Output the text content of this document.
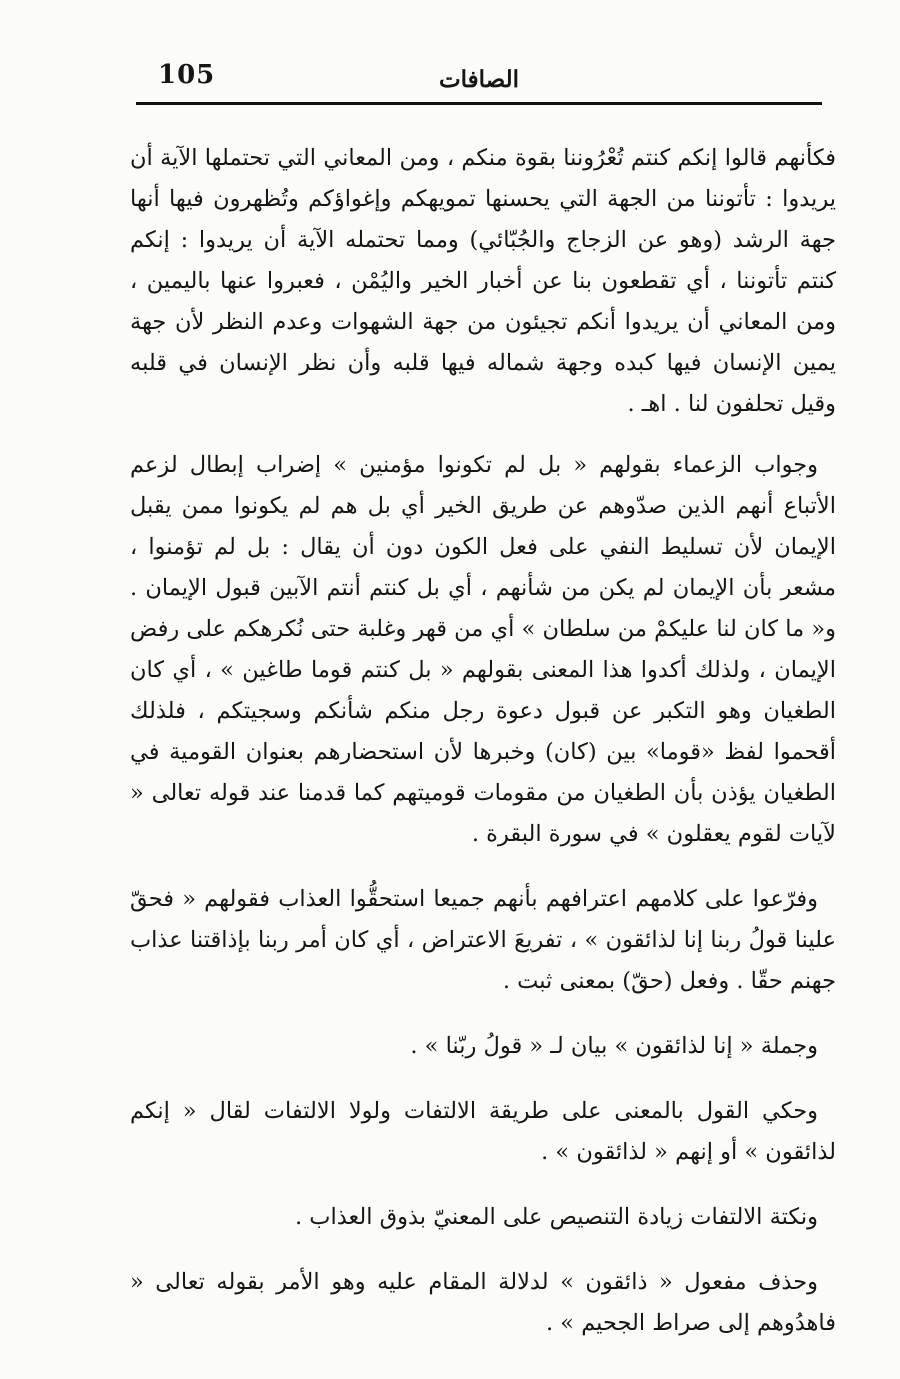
105	الصافات

فكأنهم قالوا إنكم كنتم تُعْرُوننا بقوة منكم ، ومن المعاني التي تحتملها الآية أن يريدوا : تأتوننا من الجهة التي يحسنها تمويهكم وإغواؤكم وتُظهرون فيها أنها جهة الرشد (وهو عن الزجاج والجُبّائي) ومما تحتمله الآية أن يريدوا : إنكم كنتم تأتوننا ، أي تقطعون بنا عن أخبار الخير واليُمْن ، فعبروا عنها باليمين ، ومن المعاني أن يريدوا أنكم تجيئون من جهة الشهوات وعدم النظر لأن جهة يمين الإنسان فيها كبده وجهة شماله فيها قلبه وأن نظر الإنسان في قلبه وقيل تحلفون لنا . اهـ .

وجواب الزعماء بقولهم « بل لم تكونوا مؤمنين » إضراب إبطال لزعم الأتباع أنهم الذين صدّوهم عن طريق الخير أي بل هم لم يكونوا ممن يقبل الإيمان لأن تسليط النفي على فعل الكون دون أن يقال : بل لم تؤمنوا ، مشعر بأن الإيمان لم يكن من شأنهم ، أي بل كنتم أنتم الآبين قبول الإيمان . و« ما كان لنا عليكمْ من سلطان » أي من قهر وغلبة حتى نُكرهكم على رفض الإيمان ، ولذلك أكدوا هذا المعنى بقولهم « بل كنتم قوما طاغين » ، أي كان الطغيان وهو التكبر عن قبول دعوة رجل منكم شأنكم وسجيتكم ، فلذلك أقحموا لفظ «قوما» بين (كان) وخبرها لأن استحضارهم بعنوان القومية في الطغيان يؤذن بأن الطغيان من مقومات قوميتهم كما قدمنا عند قوله تعالى « لآيات لقوم يعقلون » في سورة البقرة .

وفرّعوا على كلامهم اعترافهم بأنهم جميعا استحقُّوا العذاب فقولهم « فحقّ علينا قولُ ربنا إنا لذائقون » ، تفريعَ الاعتراض ، أي كان أمر ربنا بإذاقتنا عذاب جهنم حقّا . وفعل (حقّ) بمعنى ثبت .

وجملة « إنا لذائقون » بيان لـ « قولُ ربّنا » .

وحكي القول بالمعنى على طريقة الالتفات ولولا الالتفات لقال « إنكم لذائقون » أو إنهم « لذائقون » .

ونكتة الالتفات زيادة التنصيص على المعنيّ بذوق العذاب .

وحذف مفعول « ذائقون » لدلالة المقام عليه وهو الأمر بقوله تعالى « فاهدُوهم إلى صراط الجحيم » .
